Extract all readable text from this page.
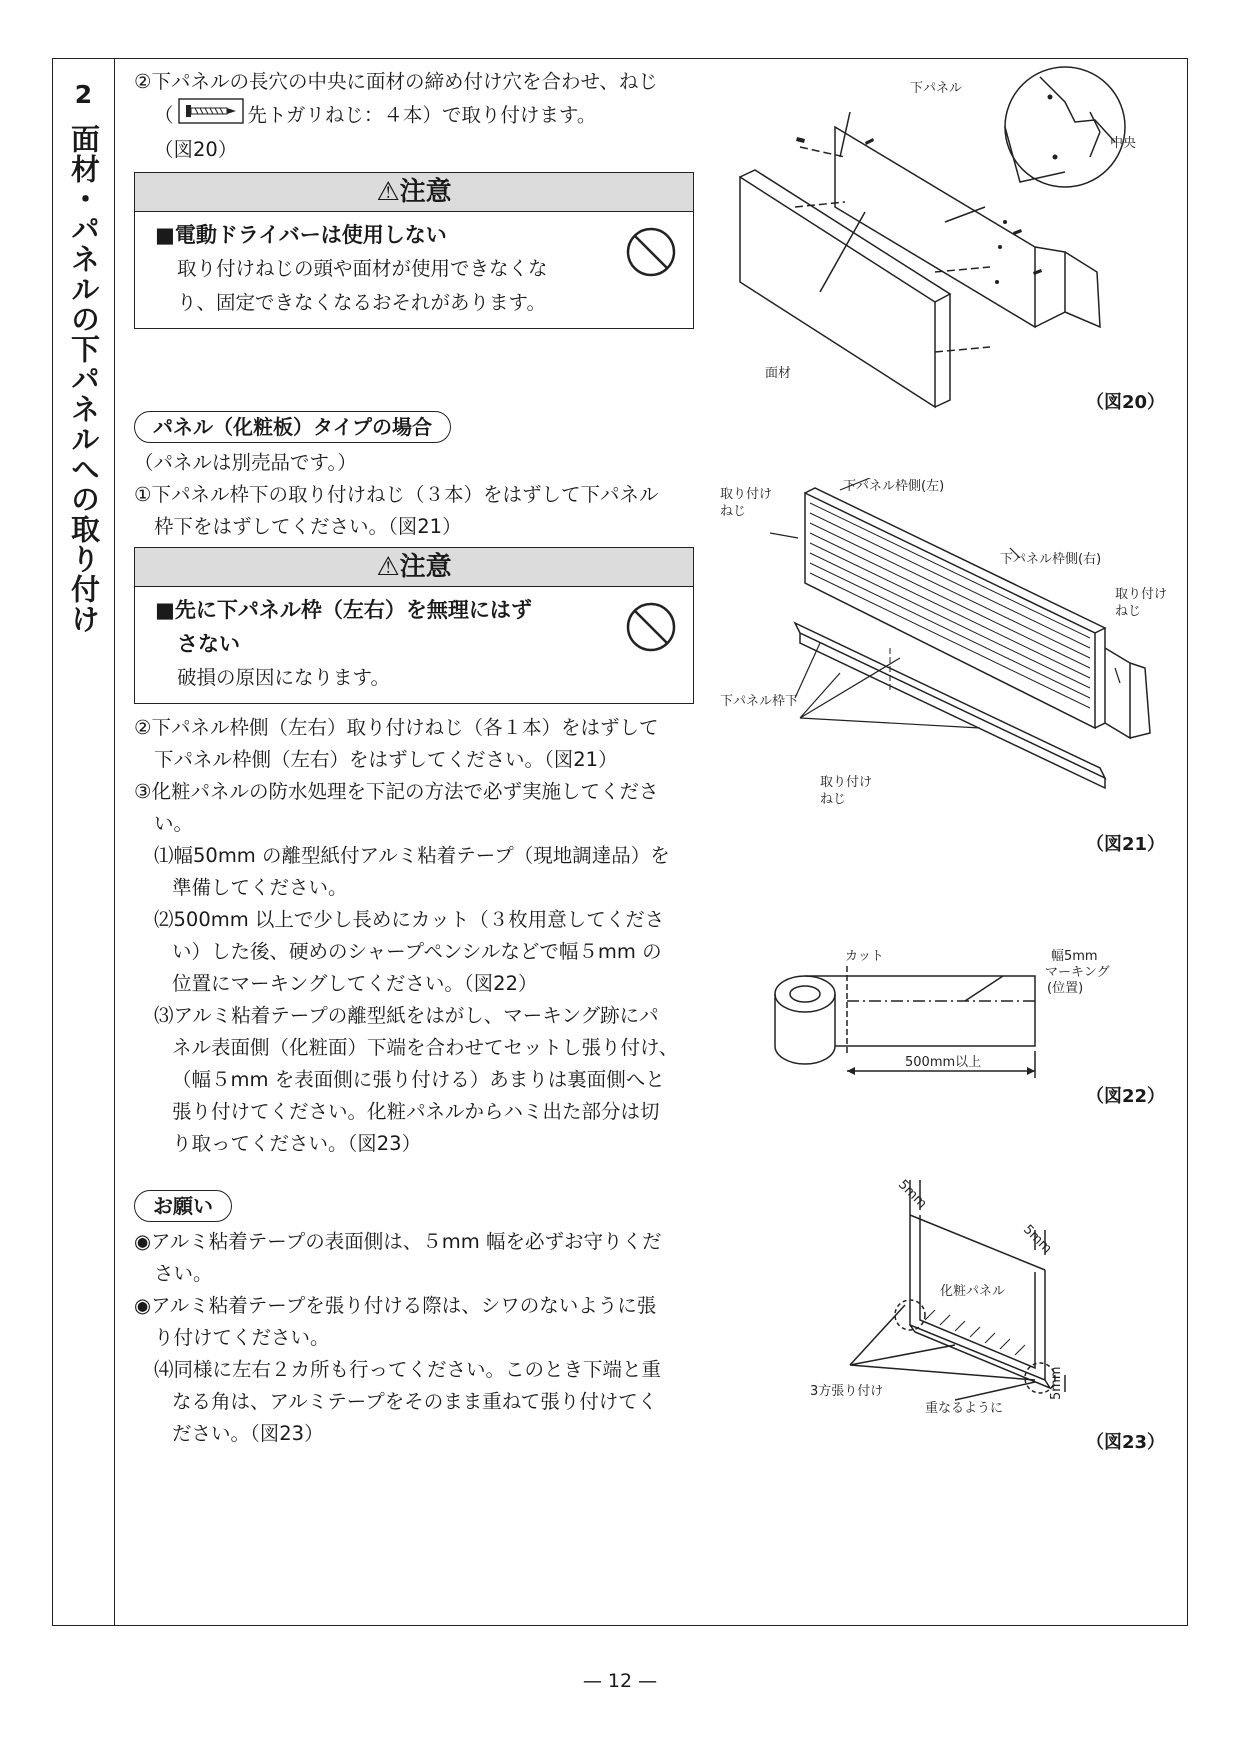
2
面材・パネルの下パネルへの取り付け

②下パネルの長穴の中央に面材の締め付け穴を合わせ、ねじ

（	先トガリねじ：４本）で取り付けます。

（図20）

⚠注意
■電動ドライバーは使用しない
取り付けねじの頭や面材が使用できなくな
り、固定できなくなるおそれがあります。
パネル（化粧板）タイプの場合

（パネルは別売品です。）

①下パネル枠下の取り付けねじ（３本）をはずして下パネル

枠下をはずしてください。（図21）

⚠注意
■先に下パネル枠（左右）を無理にはず
さない
破損の原因になります。

②下パネル枠側（左右）取り付けねじ（各１本）をはずして

下パネル枠側（左右）をはずしてください。（図21）

③化粧パネルの防水処理を下記の方法で必ず実施してくださ

い。

⑴幅50mm の離型紙付アルミ粘着テープ（現地調達品）を

準備してください。

⑵500mm 以上で少し長めにカット（３枚用意してくださ

い）した後、硬めのシャープペンシルなどで幅５mm の

位置にマーキングしてください。（図22）

⑶アルミ粘着テープの離型紙をはがし、マーキング跡にパ

ネル表面側（化粧面）下端を合わせてセットし張り付け、

（幅５mm を表面側に張り付ける）あまりは裏面側へと

張り付けてください。化粧パネルからハミ出た部分は切

り取ってください。（図23）

お願い

◉アルミ粘着テープの表面側は、５mm 幅を必ずお守りくだ

さい。

◉アルミ粘着テープを張り付ける際は、シワのないように張

り付けてください。

⑷同様に左右２カ所も行ってください。このとき下端と重

なる角は、アルミテープをそのまま重ねて張り付けてく

ださい。（図23）

下パネル
中央
面材
（図20）
取り付け
ねじ
下パネル枠側(左)
下パネル枠側(右)
取り付け
ねじ
下パネル枠下
取り付け
ねじ
（図21）
カット	幅5mm
マーキング
(位置)
500mm以上
（図22）
5mm
5mm
5mm
化粧パネル
3方張り付け
重なるように
（図23）
— 12 —
